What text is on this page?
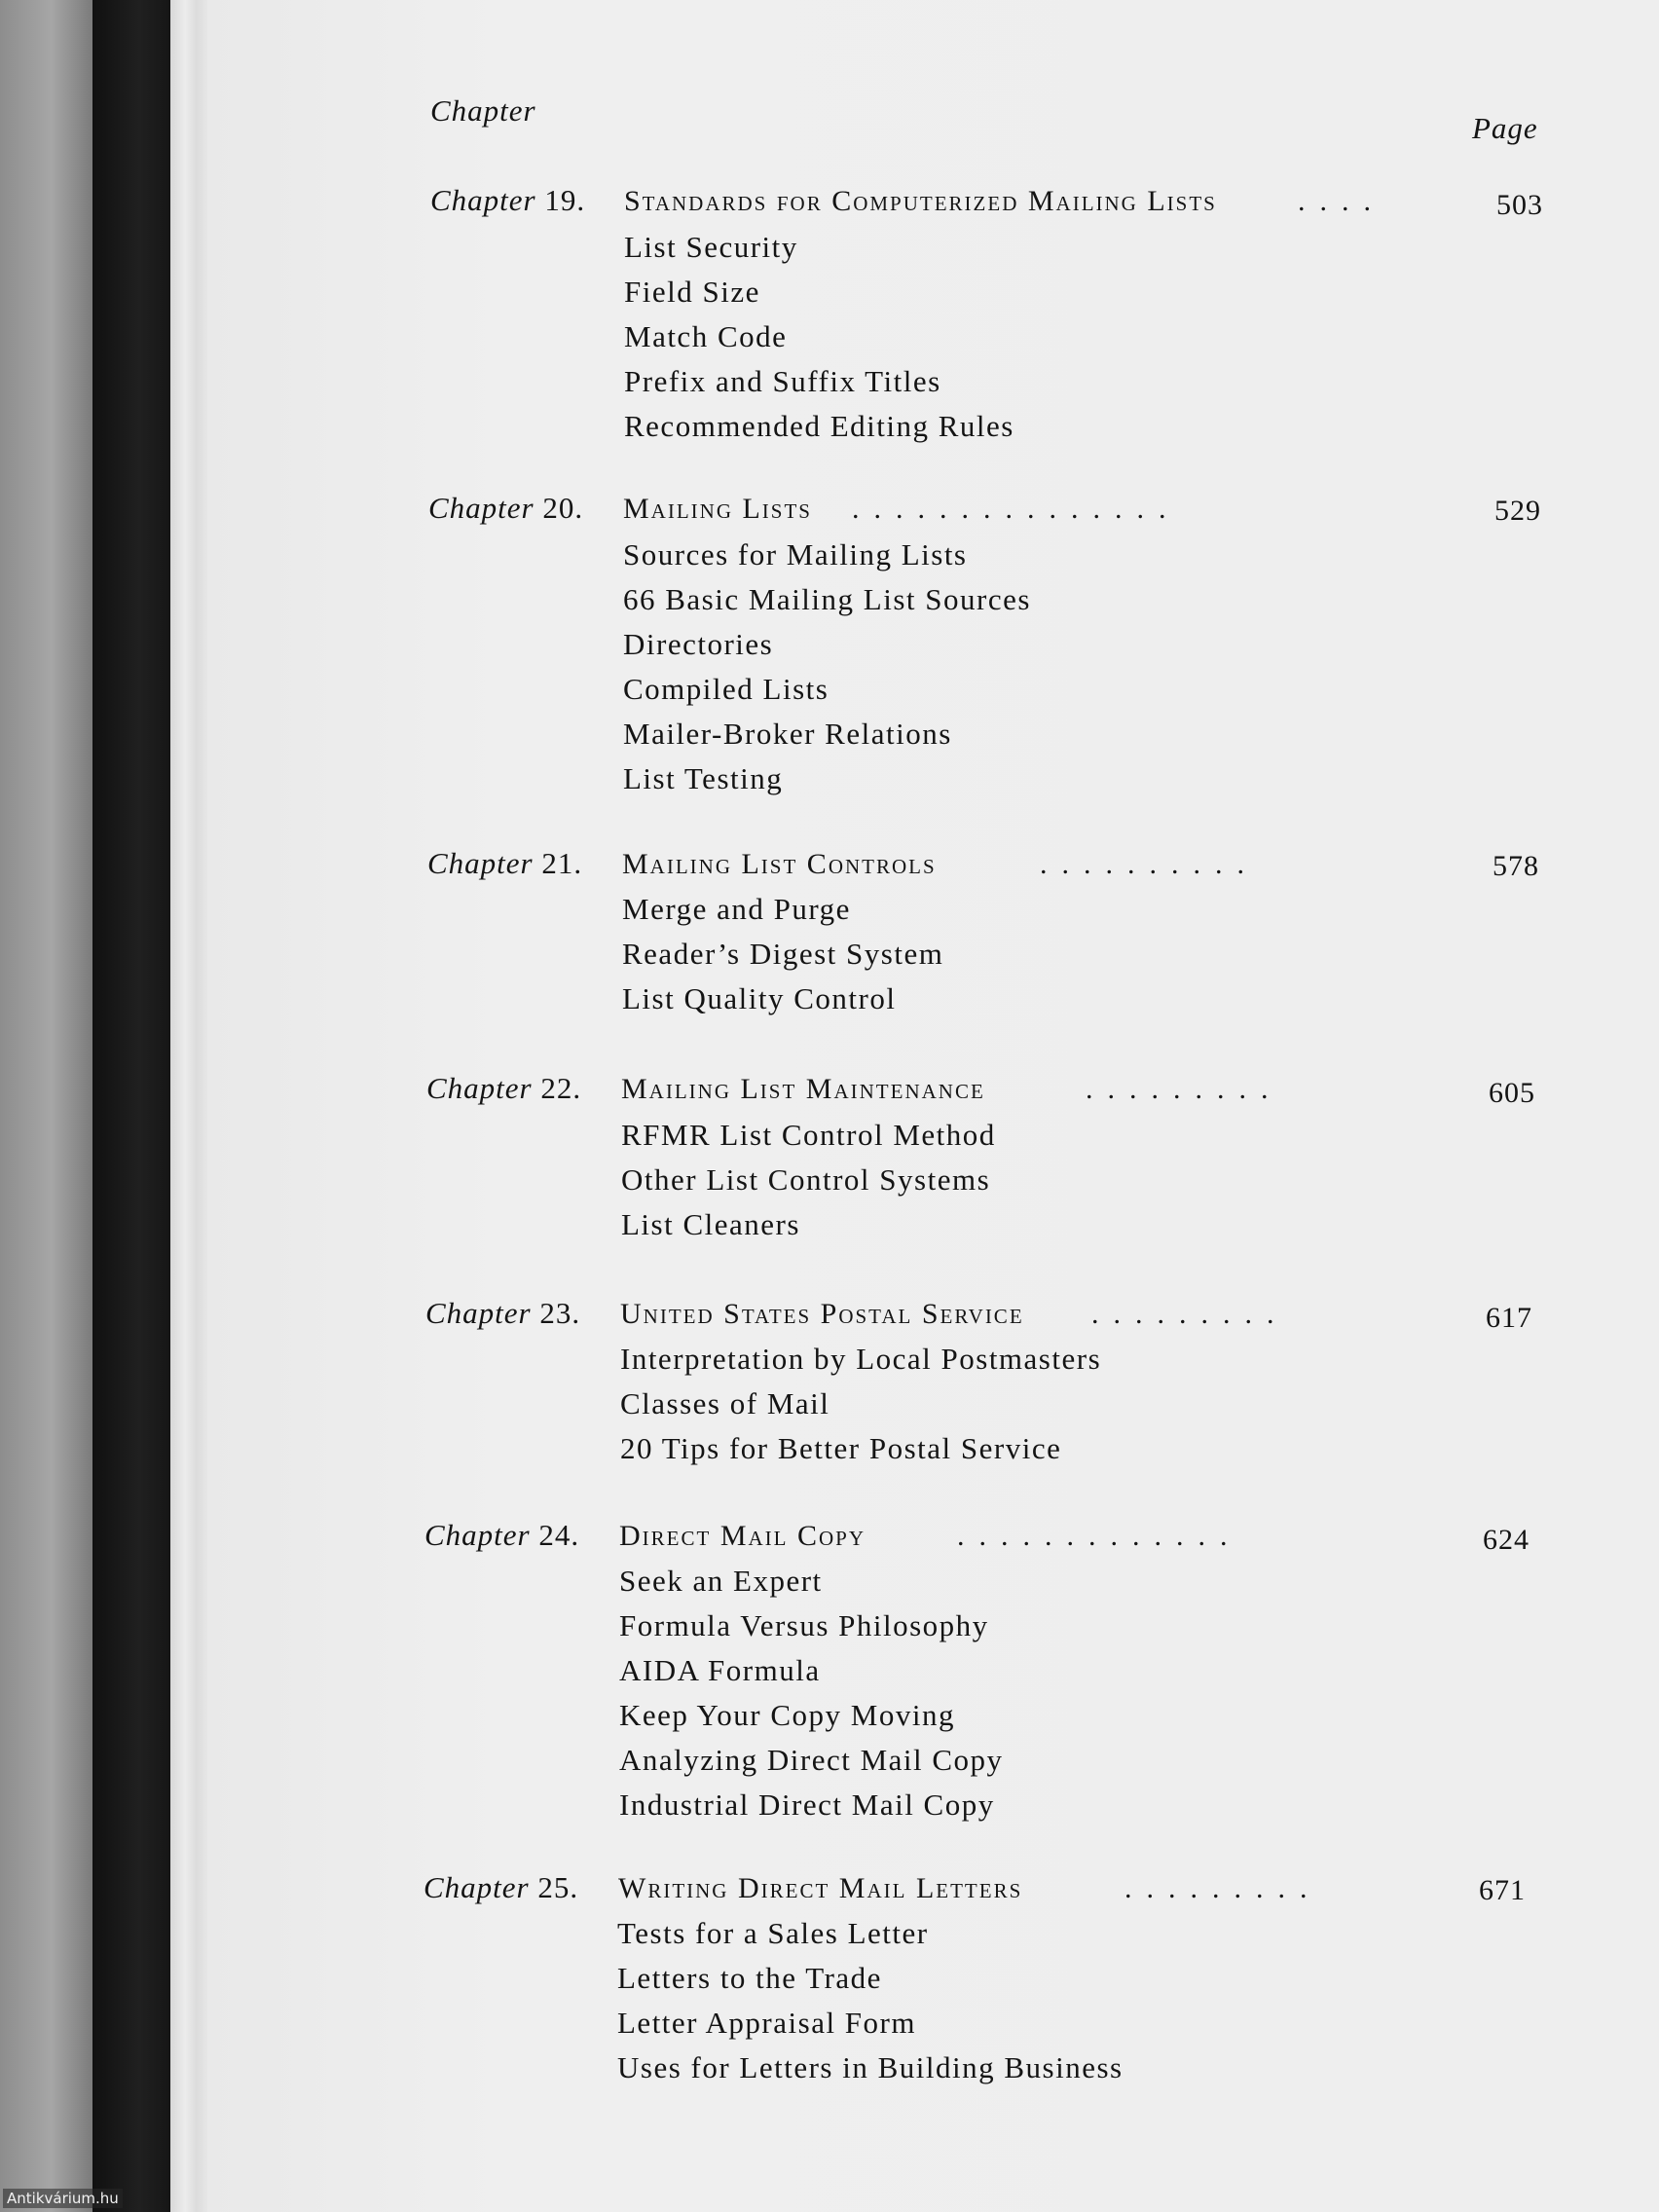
Chapter
Page
Chapter 19. Standards for Computerized Mailing Lists	....	503
List Security
Field Size
Match Code
Prefix and Suffix Titles
Recommended Editing Rules
Chapter 20. Mailing Lists ...............	529
Sources for Mailing Lists
66 Basic Mailing List Sources
Directories
Compiled Lists
Mailer-Broker Relations
List Testing
Chapter 21. Mailing List Controls	..........	578
Merge and Purge
Reader’s Digest System
List Quality Control
Chapter 22. Mailing List Maintenance	.........	605
RFMR List Control Method
Other List Control Systems
List Cleaners
Chapter 23. United States Postal Service .........	617
Interpretation by Local Postmasters
Classes of Mail
20 Tips for Better Postal Service
Chapter 24. Direct Mail Copy	.............	624
Seek an Expert
Formula Versus Philosophy
AIDA Formula
Keep Your Copy Moving
Analyzing Direct Mail Copy
Industrial Direct Mail Copy
Chapter 25. Writing Direct Mail Letters	.........	671
Tests for a Sales Letter
Letters to the Trade
Letter Appraisal Form
Uses for Letters in Building Business
Antikvárium.hu
